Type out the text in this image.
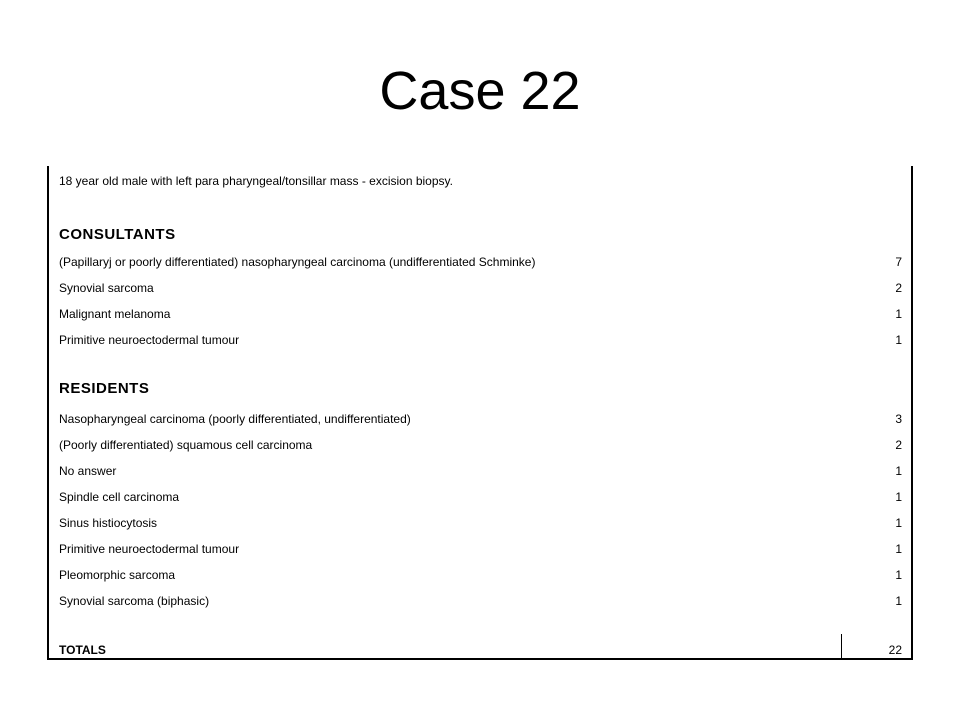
Case 22
18 year old male with left para pharyngeal/tonsillar mass - excision biopsy.
CONSULTANTS
(Papillaryj or poorly differentiated) nasopharyngeal carcinoma (undifferentiated Schminke)	7
Synovial sarcoma	2
Malignant melanoma	1
Primitive neuroectodermal tumour	1
RESIDENTS
Nasopharyngeal carcinoma (poorly differentiated, undifferentiated)	3
(Poorly differentiated) squamous cell carcinoma	2
No answer	1
Spindle cell carcinoma	1
Sinus histiocytosis	1
Primitive neuroectodermal tumour	1
Pleomorphic sarcoma	1
Synovial sarcoma (biphasic)	1
TOTALS	22
